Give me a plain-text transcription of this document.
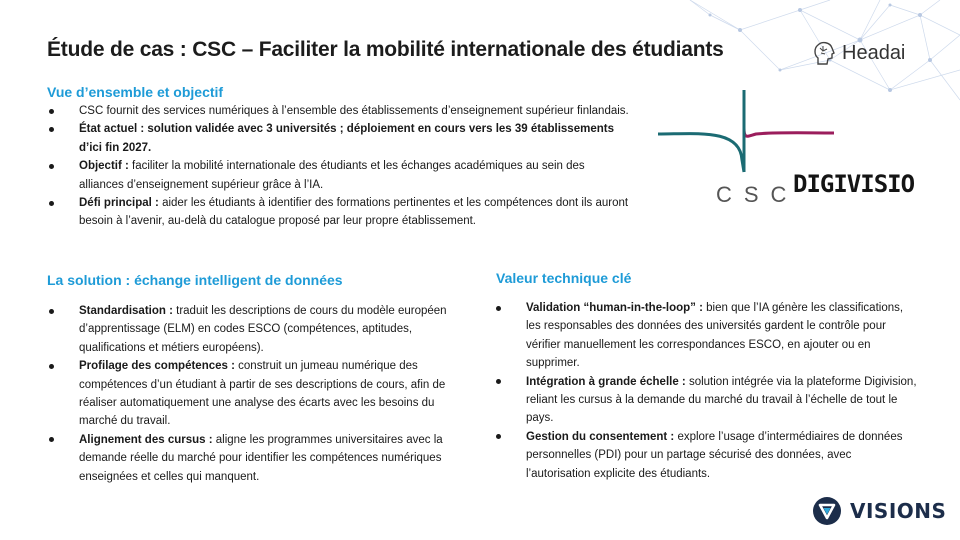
Étude de cas : CSC – Faciliter la mobilité internationale des étudiants	Headai
Vue d’ensemble et objectif
CSC fournit des services numériques à l’ensemble des établissements d’enseignement supérieur finlandais.
État actuel : solution validée avec 3 universités ; déploiement en cours vers les 39 établissements d’ici fin 2027.
Objectif : faciliter la mobilité internationale des étudiants et les échanges académiques au sein des alliances d’enseignement supérieur grâce à l’IA.
Défi principal : aider les étudiants à identifier des formations pertinentes et les compétences dont ils auront besoin à l’avenir, au-delà du catalogue proposé par leur propre établissement.
CSC
DIGIVISIO
La solution : échange intelligent de données
Standardisation : traduit les descriptions de cours du modèle européen d’apprentissage (ELM) en codes ESCO (compétences, aptitudes, qualifications et métiers européens).
Profilage des compétences : construit un jumeau numérique des compétences d’un étudiant à partir de ses descriptions de cours, afin de réaliser automatiquement une analyse des écarts avec les besoins du marché du travail.
Alignement des cursus : aligne les programmes universitaires avec la demande réelle du marché pour identifier les compétences numériques enseignées et celles qui manquent.
Valeur technique clé
Validation “human-in-the-loop” : bien que l’IA génère les classifications, les responsables des données des universités gardent le contrôle pour vérifier manuellement les correspondances ESCO, en ajouter ou en supprimer.
Intégration à grande échelle : solution intégrée via la plateforme Digivision, reliant les cursus à la demande du marché du travail à l’échelle de tout le pays.
Gestion du consentement : explore l’usage d’intermédiaires de données personnelles (PDI) pour un partage sécurisé des données, avec l’autorisation explicite des étudiants.
VISIONS
